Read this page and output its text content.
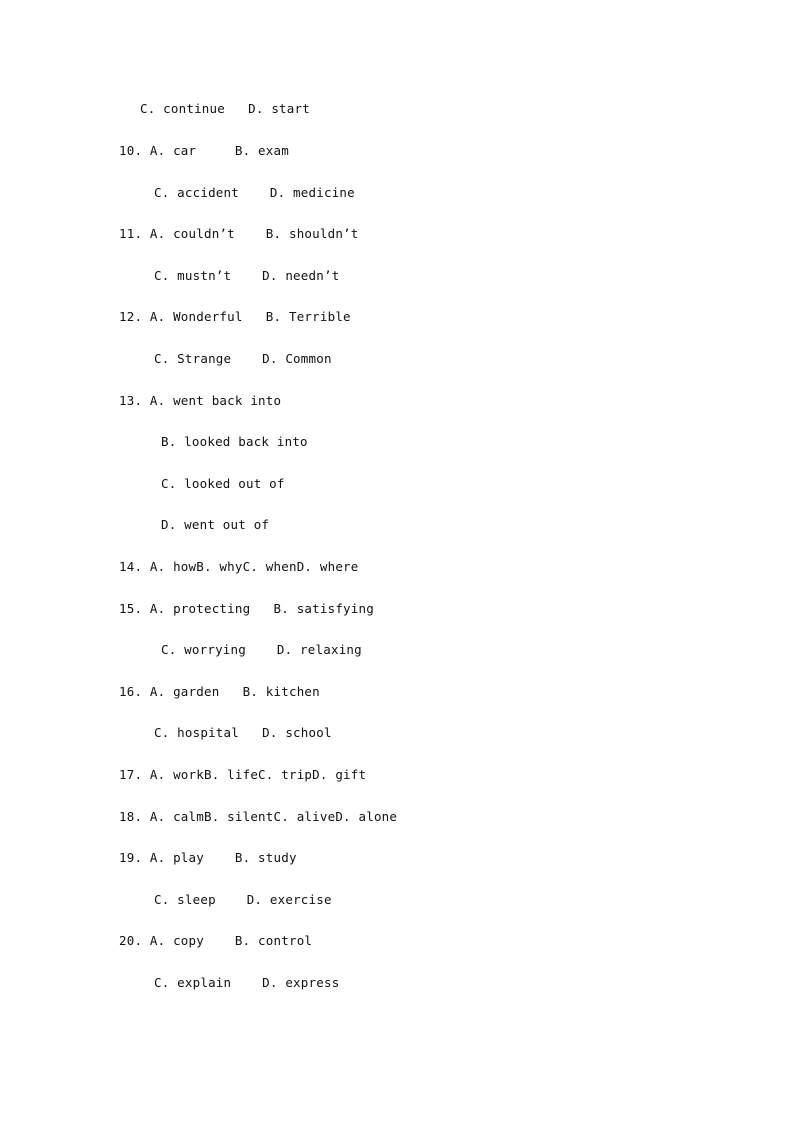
C. continue   D. start
10. A. car     B. exam
C. accident    D. medicine
11. A. couldn’t    B. shouldn’t
C. mustn’t    D. needn’t
12. A. Wonderful   B. Terrible
C. Strange    D. Common
13. A. went back into
B. looked back into
C. looked out of
D. went out of
14. A. howB. whyC. whenD. where
15. A. protecting   B. satisfying
C. worrying    D. relaxing
16. A. garden   B. kitchen
C. hospital   D. school
17. A. workB. lifeC. tripD. gift
18. A. calmB. silentC. aliveD. alone
19. A. play    B. study
C. sleep    D. exercise
20. A. copy    B. control
C. explain    D. express
